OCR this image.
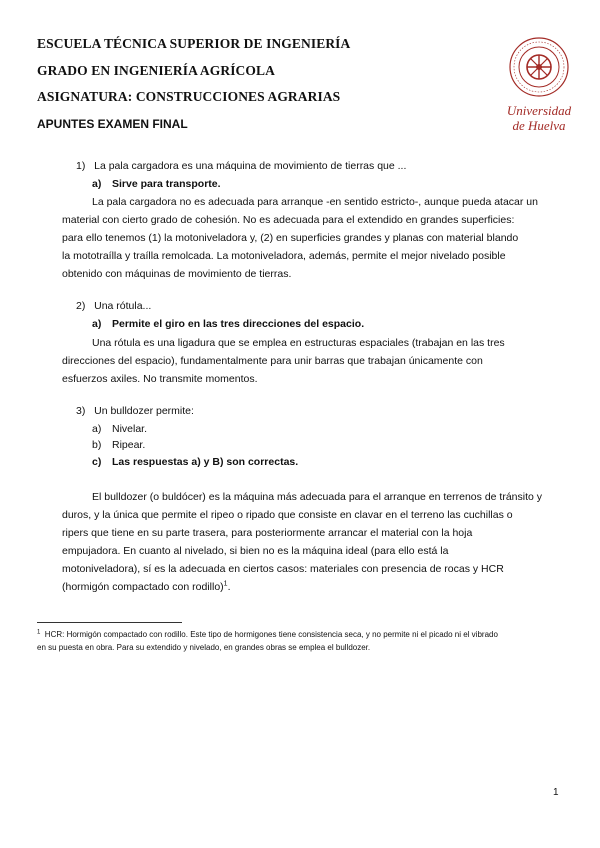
ESCUELA TÉCNICA SUPERIOR DE INGENIERÍA
GRADO EN INGENIERÍA AGRÍCOLA
ASIGNATURA: CONSTRUCCIONES AGRARIAS
APUNTES EXAMEN FINAL
Universidad
de Huelva
1) La pala cargadora es una máquina de movimiento de tierras que ...
a) Sirve para transporte.
La pala cargadora no es adecuada para arranque -en sentido estricto-, aunque pueda atacar un
material con cierto grado de cohesión. No es adecuada para el extendido en grandes superficies:
para ello tenemos (1) la motoniveladora y, (2) en superficies grandes y planas con material blando
la mototraílla y traílla remolcada. La motoniveladora, además, permite el mejor nivelado posible
obtenido con máquinas de movimiento de tierras.
2) Una rótula...
a) Permite el giro en las tres direcciones del espacio.
Una rótula es una ligadura que se emplea en estructuras espaciales (trabajan en las tres
direcciones del espacio), fundamentalmente para unir barras que trabajan únicamente con
esfuerzos axiles. No transmite momentos.
3) Un bulldozer permite:
a) Nivelar.
b) Ripear.
c) Las respuestas a) y B) son correctas.
El bulldozer (o buldócer) es la máquina más adecuada para el arranque en terrenos de tránsito y
duros, y la única que permite el ripeo o ripado que consiste en clavar en el terreno las cuchillas o
ripers que tiene en su parte trasera, para posteriormente arrancar el material con la hoja
empujadora. En cuanto al nivelado, si bien no es la máquina ideal (para ello está la
motoniveladora), sí es la adecuada en ciertos casos: materiales con presencia de rocas y HCR
(hormigón compactado con rodillo)$^1$.
$^1$ HCR: Hormigón compactado con rodillo. Este tipo de hormigones tiene consistencia seca, y no permite ni el picado ni el vibrado
en su puesta en obra. Para su extendido y nivelado, en grandes obras se emplea el bulldozer.
1
